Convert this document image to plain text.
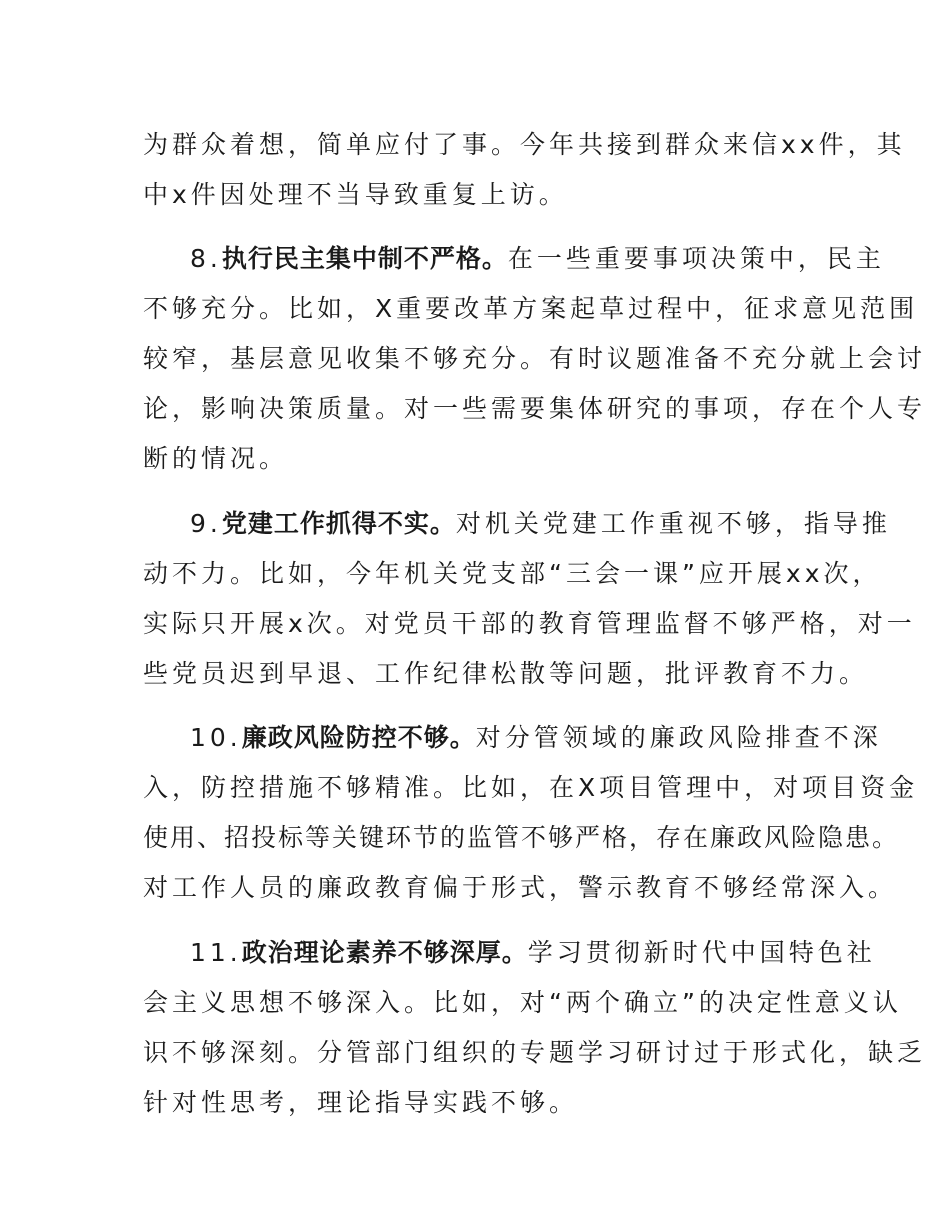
为群众着想，简单应付了事。今年共接到群众来信xx件，其
中x件因处理不当导致重复上访。
8.执行民主集中制不严格。在一些重要事项决策中，民主
不够充分。比如，X重要改革方案起草过程中，征求意见范围
较窄，基层意见收集不够充分。有时议题准备不充分就上会讨
论，影响决策质量。对一些需要集体研究的事项，存在个人专
断的情况。
9.党建工作抓得不实。对机关党建工作重视不够，指导推
动不力。比如，今年机关党支部“三会一课”应开展xx次，
实际只开展x次。对党员干部的教育管理监督不够严格，对一
些党员迟到早退、工作纪律松散等问题，批评教育不力。
10.廉政风险防控不够。对分管领域的廉政风险排查不深
入，防控措施不够精准。比如，在X项目管理中，对项目资金
使用、招投标等关键环节的监管不够严格，存在廉政风险隐患。
对工作人员的廉政教育偏于形式，警示教育不够经常深入。
11.政治理论素养不够深厚。学习贯彻新时代中国特色社
会主义思想不够深入。比如，对“两个确立”的决定性意义认
识不够深刻。分管部门组织的专题学习研讨过于形式化，缺乏
针对性思考，理论指导实践不够。
